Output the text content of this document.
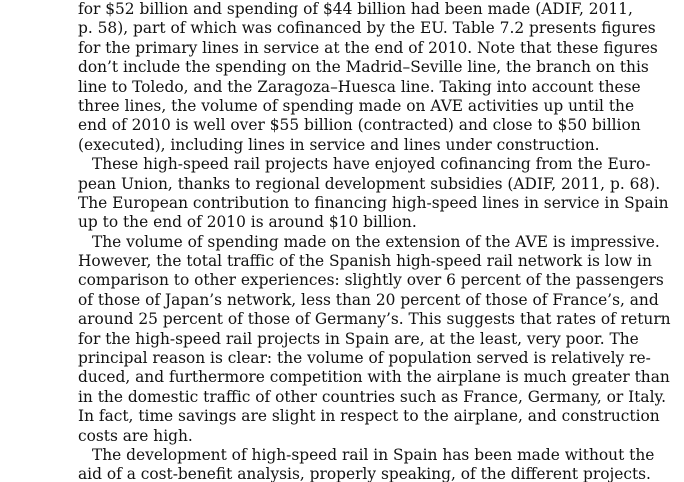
for $52 billion and spending of $44 billion had been made (ADIF, 2011,
p. 58), part of which was cofinanced by the EU. Table 7.2 presents figures
for the primary lines in service at the end of 2010. Note that these figures
don’t include the spending on the Madrid–Seville line, the branch on this
line to Toledo, and the Zaragoza–Huesca line. Taking into account these
three lines, the volume of spending made on AVE activities up until the
end of 2010 is well over $55 billion (contracted) and close to $50 billion
(executed), including lines in service and lines under construction.
These high-speed rail projects have enjoyed cofinancing from the Euro-
pean Union, thanks to regional development subsidies (ADIF, 2011, p. 68).
The European contribution to financing high-speed lines in service in Spain
up to the end of 2010 is around $10 billion.
The volume of spending made on the extension of the AVE is impressive.
However, the total traffic of the Spanish high-speed rail network is low in
comparison to other experiences: slightly over 6 percent of the passengers
of those of Japan’s network, less than 20 percent of those of France’s, and
around 25 percent of those of Germany’s. This suggests that rates of return
for the high-speed rail projects in Spain are, at the least, very poor. The
principal reason is clear: the volume of population served is relatively re-
duced, and furthermore competition with the airplane is much greater than
in the domestic traffic of other countries such as France, Germany, or Italy.
In fact, time savings are slight in respect to the airplane, and construction
costs are high.
The development of high-speed rail in Spain has been made without the
aid of a cost-benefit analysis, properly speaking, of the different projects.
